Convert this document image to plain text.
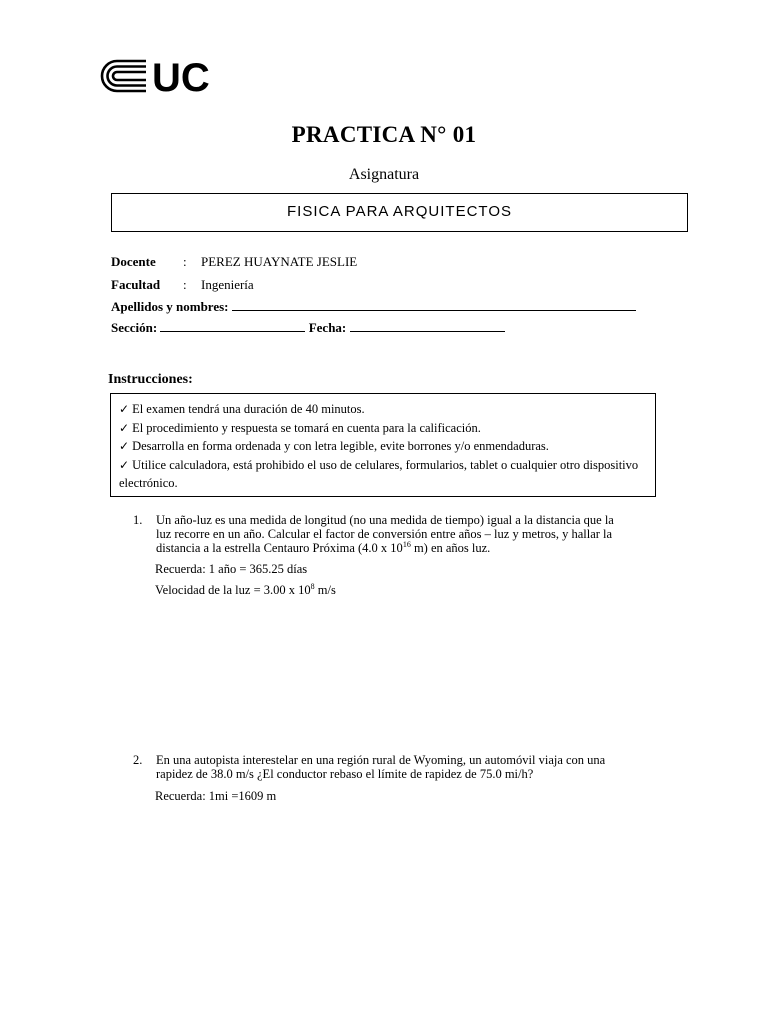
UC
PRACTICA N° 01
Asignatura
FISICA PARA ARQUITECTOS
Docente : PEREZ HUAYNATE JESLIE
Facultad : Ingeniería
Apellidos y nombres:
Sección:	Fecha:
Instrucciones:
✓ El examen tendrá una duración de 40 minutos.
✓ El procedimiento y respuesta se tomará en cuenta para la calificación.
✓ Desarrolla en forma ordenada y con letra legible, evite borrones y/o enmendaduras.
✓ Utilice calculadora, está prohibido el uso de celulares, formularios, tablet o cualquier otro dispositivo electrónico.
1. Un año-luz es una medida de longitud (no una medida de tiempo) igual a la distancia que la luz recorre en un año. Calcular el factor de conversión entre años – luz y metros, y hallar la distancia a la estrella Centauro Próxima (4.0 x $10^{16}$ m) en años luz.
Recuerda: 1 año = 365.25 días
Velocidad de la luz = 3.00 x $10^8$ m/s
2. En una autopista interestelar en una región rural de Wyoming, un automóvil viaja con una rapidez de 38.0 m/s ¿El conductor rebaso el límite de rapidez de 75.0 mi/h?
Recuerda: 1mi =1609 m
